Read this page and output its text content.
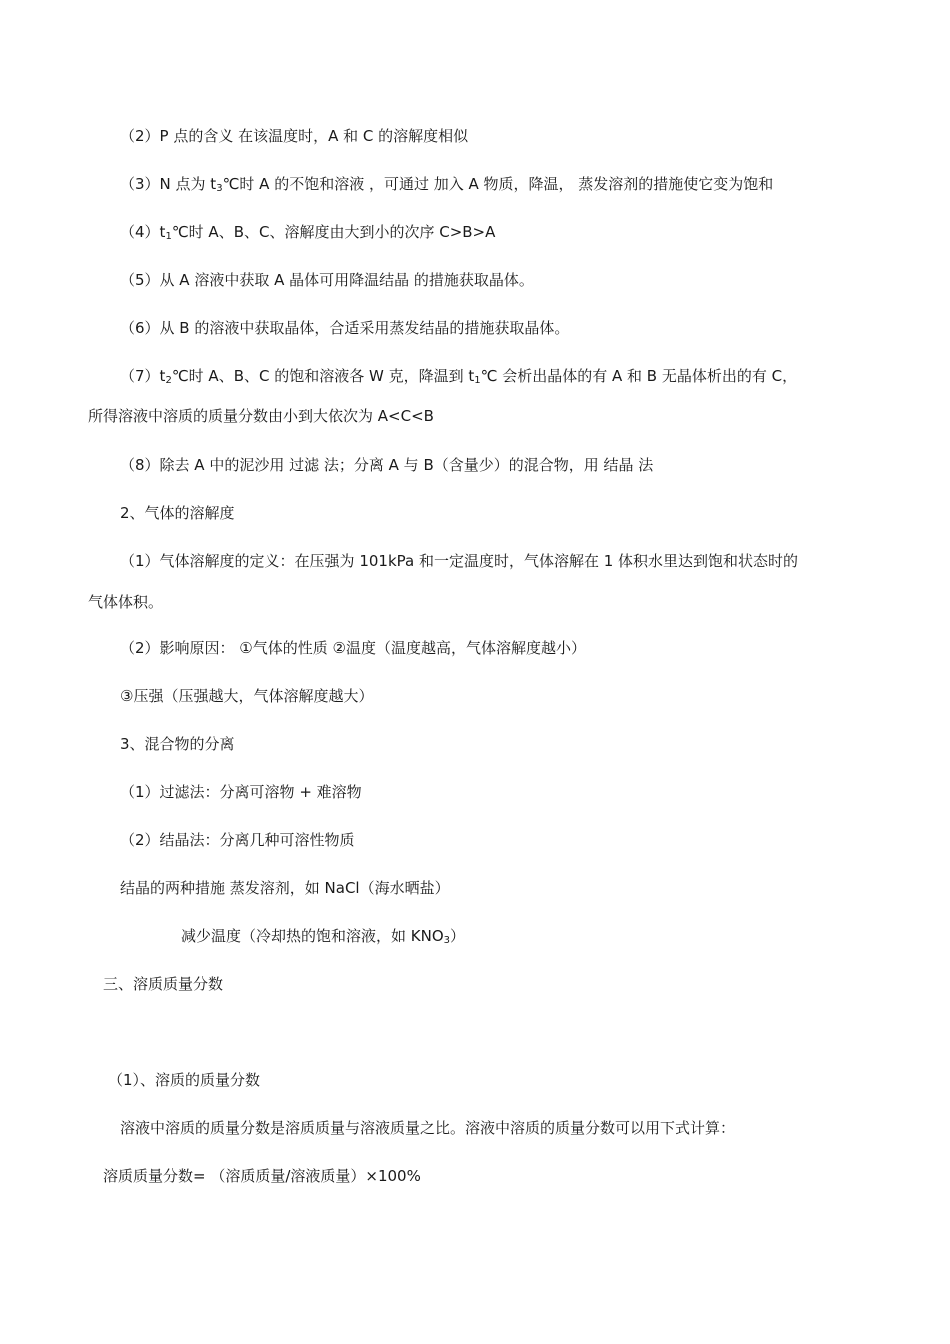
（2）P 点的含义 在该温度时，A 和 C 的溶解度相似
（3）N 点为 $t_3℃$时 A 的不饱和溶液 ，可通过 加入 A 物质，降温， 蒸发溶剂的措施使它变为饱和
$(4)t_1℃$时 A、B、C、溶解度由大到小的次序 C>B>A
（5）从 A 溶液中获取 A 晶体可用降温结晶 的措施获取晶体。
（6）从 B 的溶液中获取晶体，合适采用蒸发结晶的措施获取晶体。
$(7)t_2℃$时 A、B、C 的饱和溶液各 W 克，降温到 $t_1℃$ 会析出晶体的有 A 和 B 无晶体析出的有 C，
所得溶液中溶质的质量分数由小到大依次为 A<C<B
（8）除去 A 中的泥沙用 过滤 法；分离 A 与 B（含量少）的混合物，用 结晶 法
2、气体的溶解度
（1）气体溶解度的定义：在压强为 101kPa 和一定温度时，气体溶解在 1 体积水里达到饱和状态时的
气体体积。
（2）影响原因： ①气体的性质 ②温度（温度越高，气体溶解度越小）
③压强（压强越大，气体溶解度越大）
3、混合物的分离
（1）过滤法：分离可溶物 + 难溶物
（2）结晶法：分离几种可溶性物质
结晶的两种措施 蒸发溶剂，如 NaCl（海水晒盐）
减少温度（冷却热的饱和溶液，如 $KNO_3$）
三、溶质质量分数
（1）、溶质的质量分数
溶液中溶质的质量分数是溶质质量与溶液质量之比。溶液中溶质的质量分数可以用下式计算：
溶质质量分数= （溶质质量/溶液质量）×100%
